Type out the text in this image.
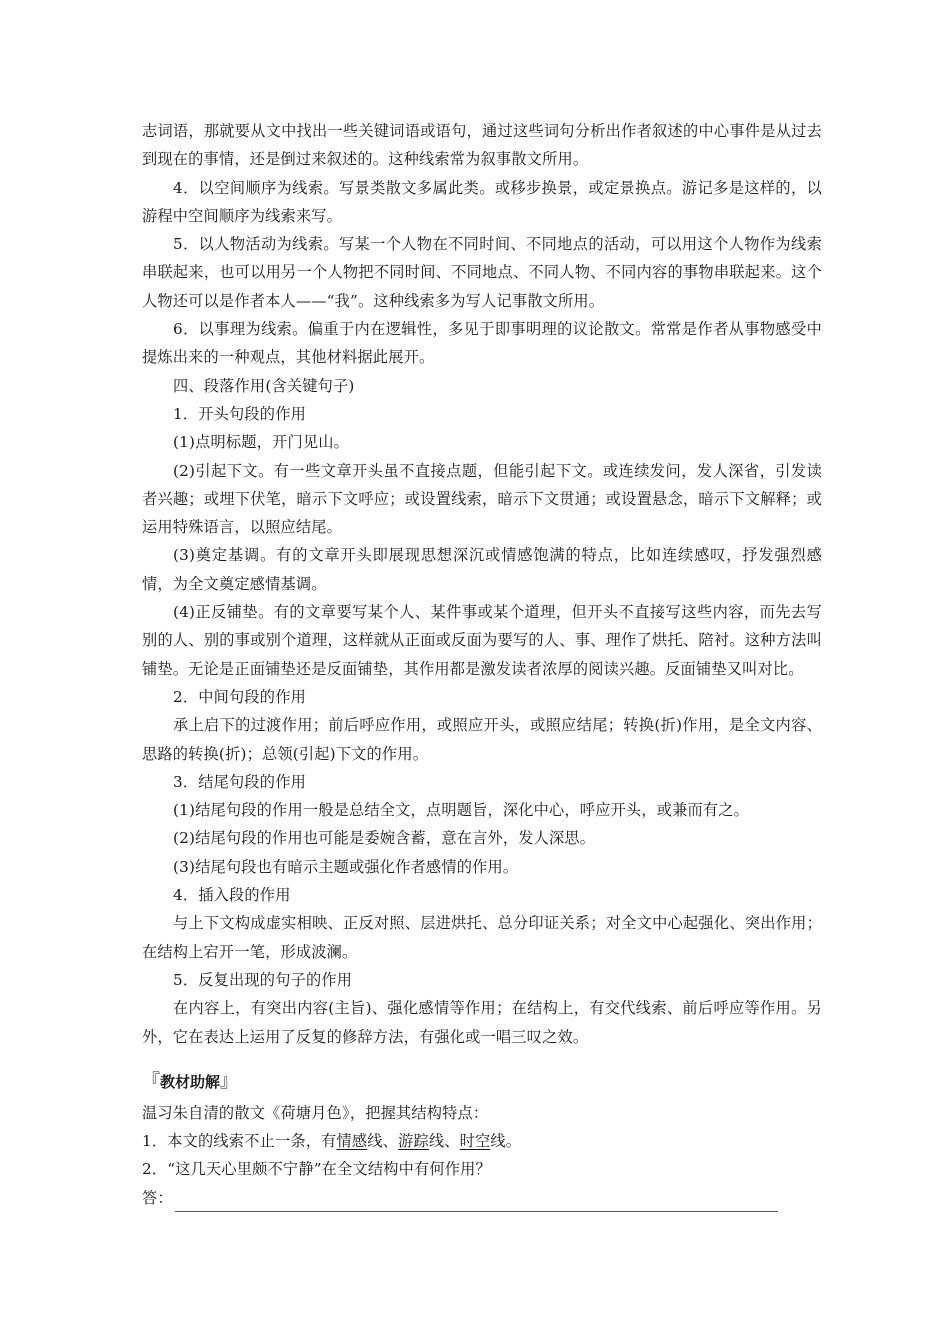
志词语，那就要从文中找出一些关键词语或语句，通过这些词句分析出作者叙述的中心事件是从过去到现在的事情，还是倒过来叙述的。这种线索常为叙事散文所用。

4．以空间顺序为线索。写景类散文多属此类。或移步换景，或定景换点。游记多是这样的，以游程中空间顺序为线索来写。

5．以人物活动为线索。写某一个人物在不同时间、不同地点的活动，可以用这个人物作为线索串联起来，也可以用另一个人物把不同时间、不同地点、不同人物、不同内容的事物串联起来。这个人物还可以是作者本人——“我”。这种线索多为写人记事散文所用。

6．以事理为线索。偏重于内在逻辑性，多见于即事明理的议论散文。常常是作者从事物感受中提炼出来的一种观点，其他材料据此展开。

四、段落作用(含关键句子)

1．开头句段的作用

(1)点明标题，开门见山。

(2)引起下文。有一些文章开头虽不直接点题，但能引起下文。或连续发问，发人深省，引发读者兴趣；或埋下伏笔，暗示下文呼应；或设置线索，暗示下文贯通；或设置悬念，暗示下文解释；或运用特殊语言，以照应结尾。

(3)奠定基调。有的文章开头即展现思想深沉或情感饱满的特点，比如连续感叹，抒发强烈感情，为全文奠定感情基调。

(4)正反铺垫。有的文章要写某个人、某件事或某个道理，但开头不直接写这些内容，而先去写别的人、别的事或别个道理，这样就从正面或反面为要写的人、事、理作了烘托、陪衬。这种方法叫铺垫。无论是正面铺垫还是反面铺垫，其作用都是激发读者浓厚的阅读兴趣。反面铺垫又叫对比。

2．中间句段的作用

承上启下的过渡作用；前后呼应作用，或照应开头，或照应结尾；转换(折)作用，是全文内容、思路的转换(折)；总领(引起)下文的作用。

3．结尾句段的作用

(1)结尾句段的作用一般是总结全文，点明题旨，深化中心，呼应开头，或兼而有之。

(2)结尾句段的作用也可能是委婉含蓄，意在言外，发人深思。

(3)结尾句段也有暗示主题或强化作者感情的作用。

4．插入段的作用

与上下文构成虚实相映、正反对照、层进烘托、总分印证关系；对全文中心起强化、突出作用；在结构上宕开一笔，形成波澜。

5．反复出现的句子的作用

在内容上，有突出内容(主旨)、强化感情等作用；在结构上，有交代线索、前后呼应等作用。另外，它在表达上运用了反复的修辞方法，有强化或一唱三叹之效。

『 教材助解 』

温习朱自清的散文《荷塘月色》，把握其结构特点：

1．本文的线索不止一条，有情感线、游踪线、时空线。

2．“这几天心里颇不宁静”在全文结构中有何作用？

答：
